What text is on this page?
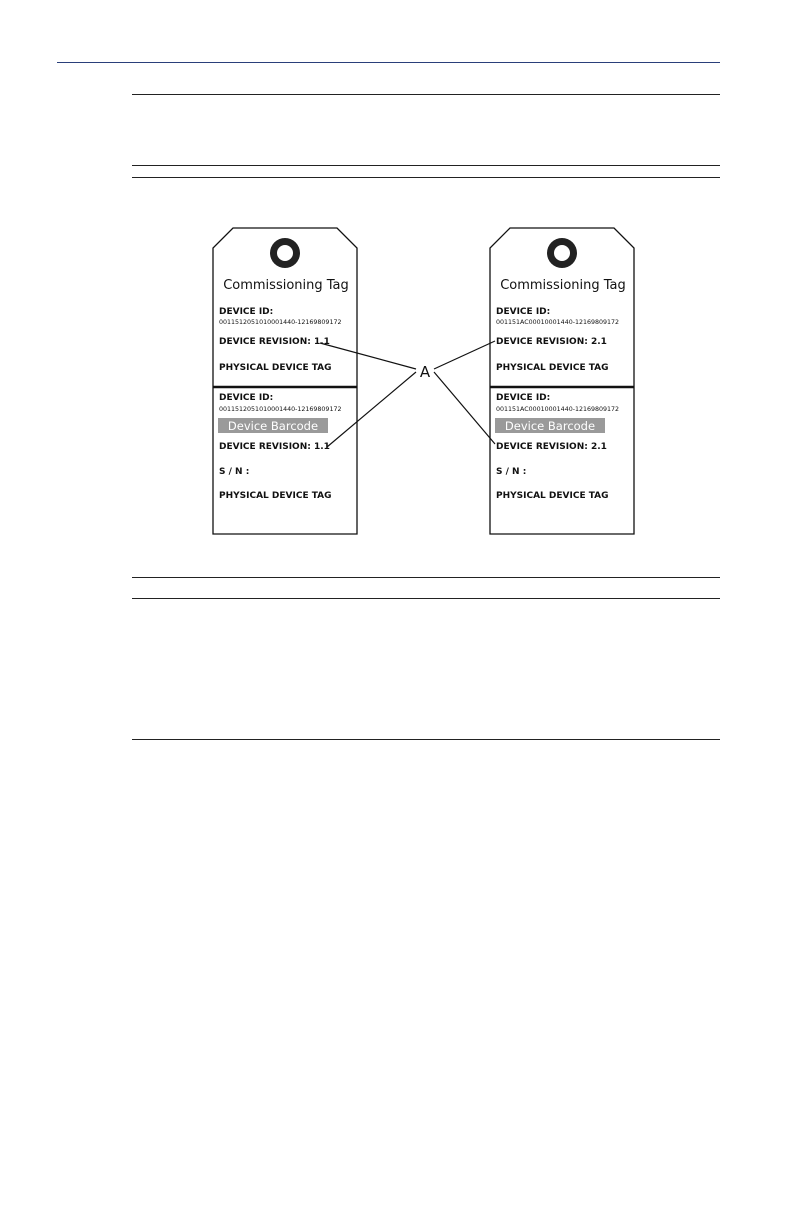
Commissioning Tag
DEVICE ID:
0011512051010001440-12169809172
DEVICE REVISION: 1.1
PHYSICAL DEVICE TAG
DEVICE ID:
0011512051010001440-12169809172
Device Barcode
DEVICE REVISION: 1.1
S / N :
PHYSICAL DEVICE TAG
Commissioning Tag
DEVICE ID:
001151AC00010001440-12169809172
DEVICE REVISION: 2.1
PHYSICAL DEVICE TAG
DEVICE ID:
001151AC00010001440-12169809172
Device Barcode
DEVICE REVISION: 2.1
S / N :
PHYSICAL DEVICE TAG
A
